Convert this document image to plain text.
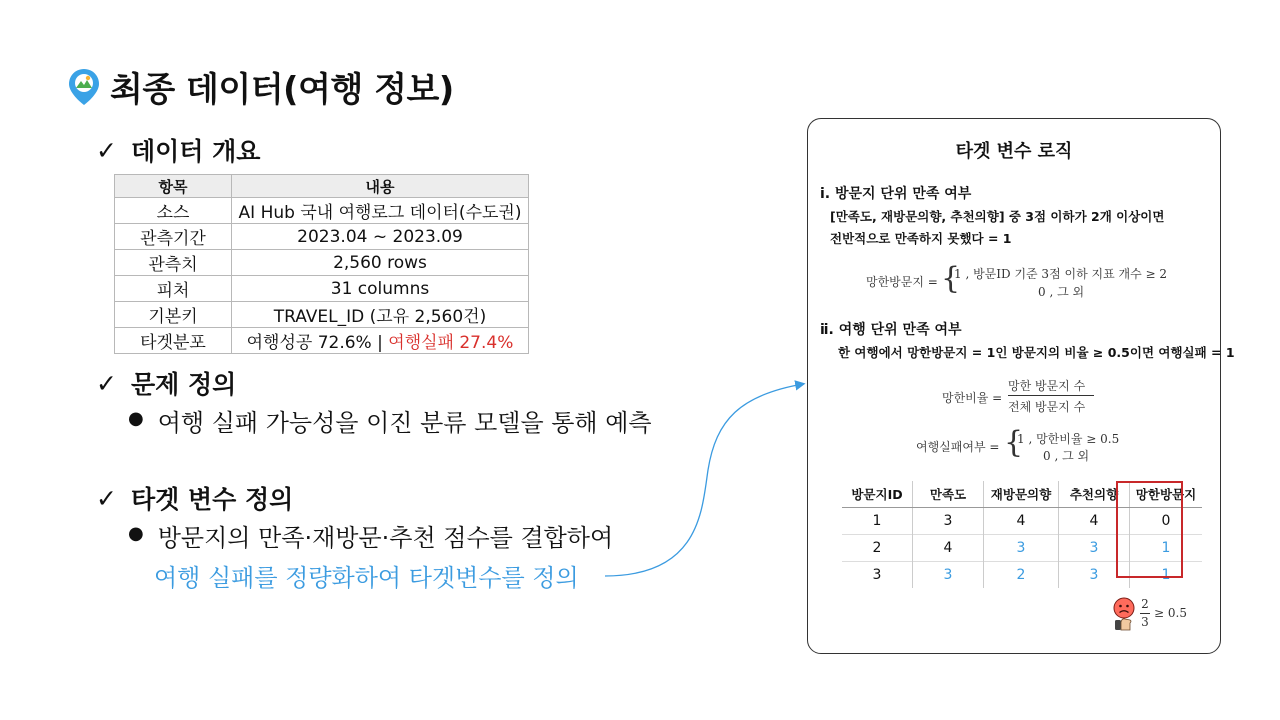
최종 데이터(여행 정보)
✓ 데이터 개요
항목	내용
소스	AI Hub 국내 여행로그 데이터(수도권)
관측기간	2023.04 ~ 2023.09
관측치	2,560 rows
피처	31 columns
기본키	TRAVEL_ID (고유 2,560건)
타겟분포	여행성공 72.6% | 여행실패 27.4%
✓ 문제 정의
● 여행 실패 가능성을 이진 분류 모델을 통해 예측
✓ 타겟 변수 정의
● 방문지의 만족·재방문·추천 점수를 결합하여
여행 실패를 정량화하여 타겟변수를 정의
타겟 변수 로직
ⅰ. 방문지 단위 만족 여부
[만족도, 재방문의향, 추천의향] 중 3점 이하가 2개 이상이면
전반적으로 만족하지 못했다 = 1
망한방문지 = {
1 , 방문ID 기준 3점 이하 지표 개수 ≥ 2
0 , 그 외
ⅱ. 여행 단위 만족 여부
한 여행에서 망한방문지 = 1인 방문지의 비율 ≥ 0.5이면 여행실패 = 1
망한비율 =
망한 방문지 수
전체 방문지 수
여행실패여부 = {
1 , 망한비율 ≥ 0.5
0 , 그 외
방문지ID	만족도	재방문의향	추천의향	망한방문지
1	3	4	4	0
2	4	3	3	1
3	3	2	3	1
2
3
≥ 0.5
